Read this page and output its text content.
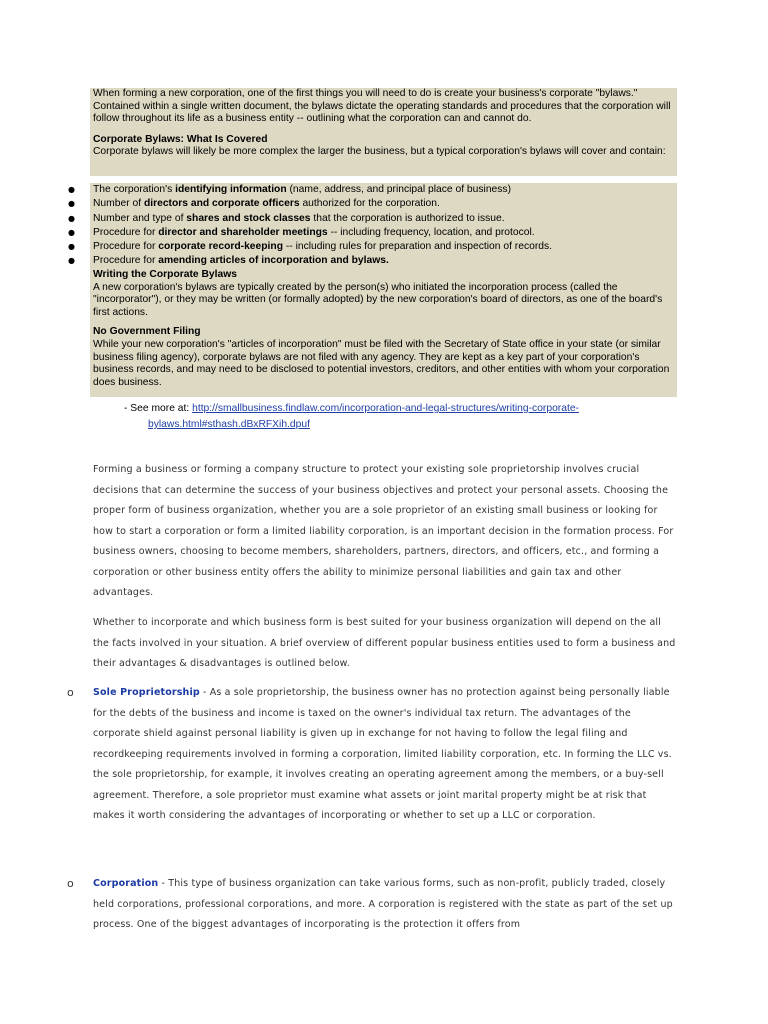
When forming a new corporation, one of the first things you will need to do is create your business's corporate "bylaws." Contained within a single written document, the bylaws dictate the operating standards and procedures that the corporation will follow throughout its life as a business entity -- outlining what the corporation can and cannot do.

Corporate Bylaws: What Is Covered

Corporate bylaws will likely be more complex the larger the business, but a typical corporation's bylaws will cover and contain:

● The corporation's identifying information (name, address, and principal place of business)
● Number of directors and corporate officers authorized for the corporation.
● Number and type of shares and stock classes that the corporation is authorized to issue.
● Procedure for director and shareholder meetings -- including frequency, location, and protocol.
● Procedure for corporate record-keeping -- including rules for preparation and inspection of records.
● Procedure for amending articles of incorporation and bylaws.

Writing the Corporate Bylaws

A new corporation's bylaws are typically created by the person(s) who initiated the incorporation process (called the "incorporator"), or they may be written (or formally adopted) by the new corporation's board of directors, as one of the board's first actions.

No Government Filing

While your new corporation's "articles of incorporation" must be filed with the Secretary of State office in your state (or similar business filing agency), corporate bylaws are not filed with any agency. They are kept as a key part of your corporation's business records, and may need to be disclosed to potential investors, creditors, and other entities with whom your corporation does business.

- See more at: http://smallbusiness.findlaw.com/incorporation-and-legal-structures/writing-corporate-
bylaws.html#sthash.dBxRFXih.dpuf
Forming a business or forming a company structure to protect your existing sole proprietorship involves crucial decisions that can determine the success of your business objectives and protect your personal assets. Choosing the proper form of business organization, whether you are a sole proprietor of an existing small business or looking for how to start a corporation or form a limited liability corporation, is an important decision in the formation process. For business owners, choosing to become members, shareholders, partners, directors, and officers, etc., and forming a corporation or other business entity offers the ability to minimize personal liabilities and gain tax and other advantages.
Whether to incorporate and which business form is best suited for your business organization will depend on the all the facts involved in your situation. A brief overview of different popular business entities used to form a business and their advantages & disadvantages is outlined below.
o Sole Proprietorship - As a sole proprietorship, the business owner has no protection against being personally liable for the debts of the business and income is taxed on the owner's individual tax return. The advantages of the corporate shield against personal liability is given up in exchange for not having to follow the legal filing and recordkeeping requirements involved in forming a corporation, limited liability corporation, etc. In forming the LLC vs. the sole proprietorship, for example, it involves creating an operating agreement among the members, or a buy-sell agreement. Therefore, a sole proprietor must examine what assets or joint marital property might be at risk that makes it worth considering the advantages of incorporating or whether to set up a LLC or corporation.
o Corporation - This type of business organization can take various forms, such as non-profit, publicly traded, closely held corporations, professional corporations, and more. A corporation is registered with the state as part of the set up process. One of the biggest advantages of incorporating is the protection it offers from
